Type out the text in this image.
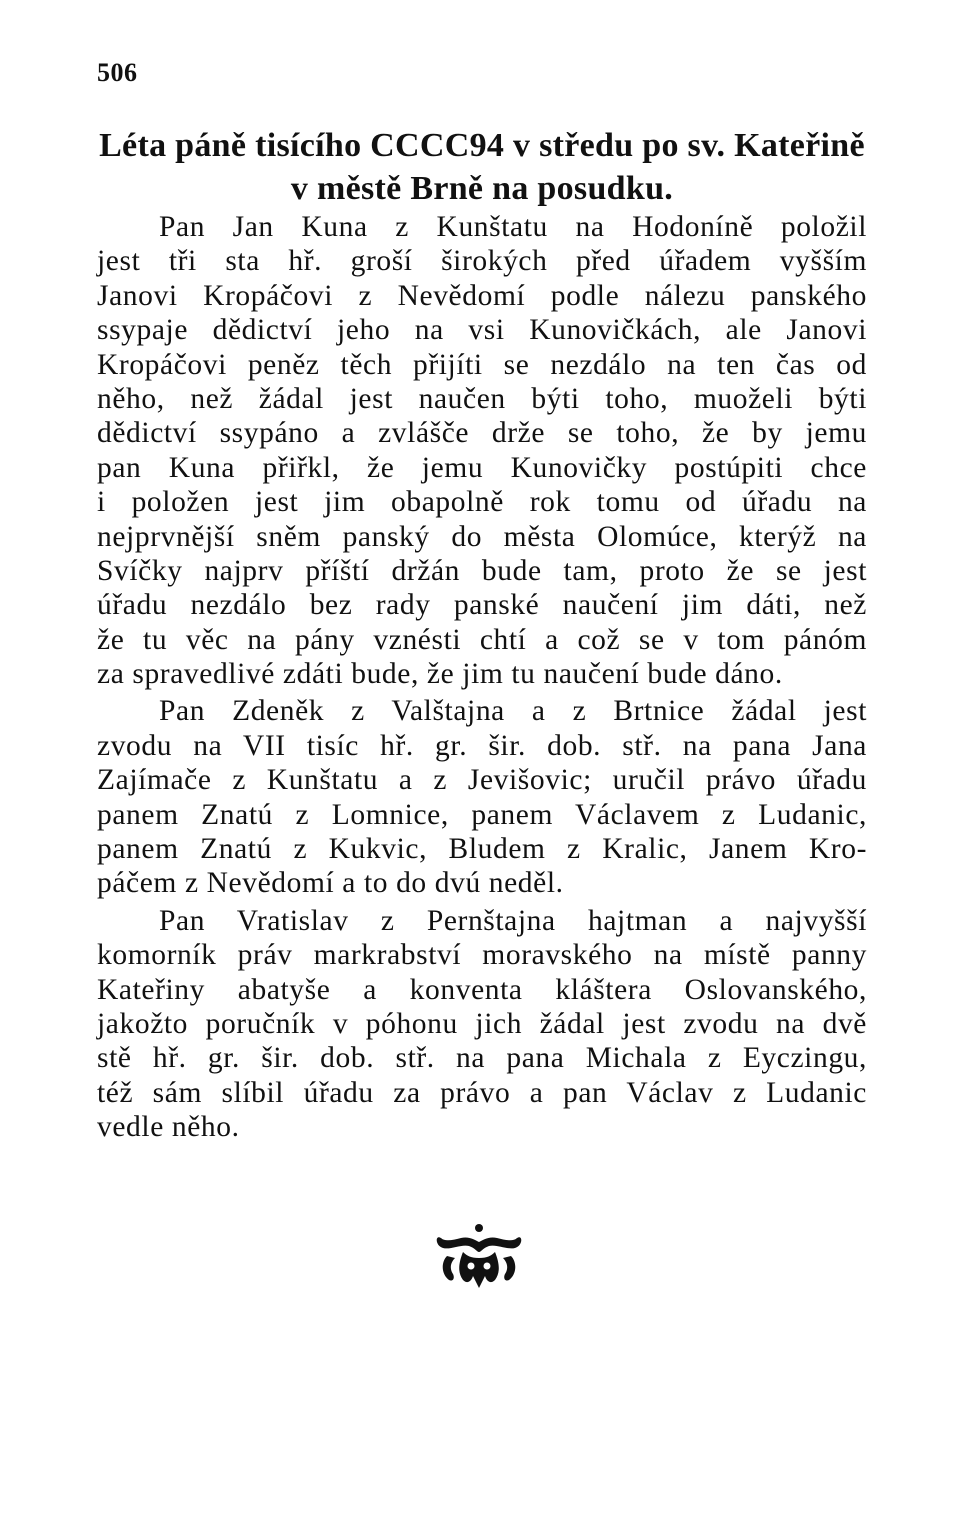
506
Léta páně tisícího CCCC94 v středu po sv. Kateřině
v městě Brně na posudku.
Pan Jan Kuna z Kunštatu na Hodoníně položil
jest tři sta hř. groší širokých před úřadem vyšším
Janovi Kropáčovi z Nevědomí podle nálezu panského
ssypaje dědictví jeho na vsi Kunovičkách, ale Janovi
Kropáčovi peněz těch přijíti se nezdálo na ten čas od
něho, než žádal jest naučen býti toho, muoželi býti
dědictví ssypáno a zvlášče drže se toho, že by jemu
pan Kuna přiřkl, že jemu Kunovičky postúpiti chce
i položen jest jim obapolně rok tomu od úřadu na
nejprvnější sněm panský do města Olomúce, kterýž na
Svíčky najprv příští držán bude tam, proto že se jest
úřadu nezdálo bez rady panské naučení jim dáti, než
že tu věc na pány vznésti chtí a což se v tom pánóm
za spravedlivé zdáti bude, že jim tu naučení bude dáno.
Pan Zdeněk z Valštajna a z Brtnice žádal jest
zvodu na VII tisíc hř. gr. šir. dob. stř. na pana Jana
Zajímače z Kunštatu a z Jevišovic; uručil právo úřadu
panem Znatú z Lomnice, panem Václavem z Ludanic,
panem Znatú z Kukvic, Bludem z Kralic, Janem Kro-
páčem z Nevědomí a to do dvú neděl.
Pan Vratislav z Pernštajna hajtman a najvyšší
komorník práv markrabství moravského na místě panny
Kateřiny abatyše a konventa kláštera Oslovanského,
jakožto poručník v póhonu jich žádal jest zvodu na dvě
stě hř. gr. šir. dob. stř. na pana Michala z Eyczingu,
též sám slíbil úřadu za právo a pan Václav z Ludanic
vedle něho.
